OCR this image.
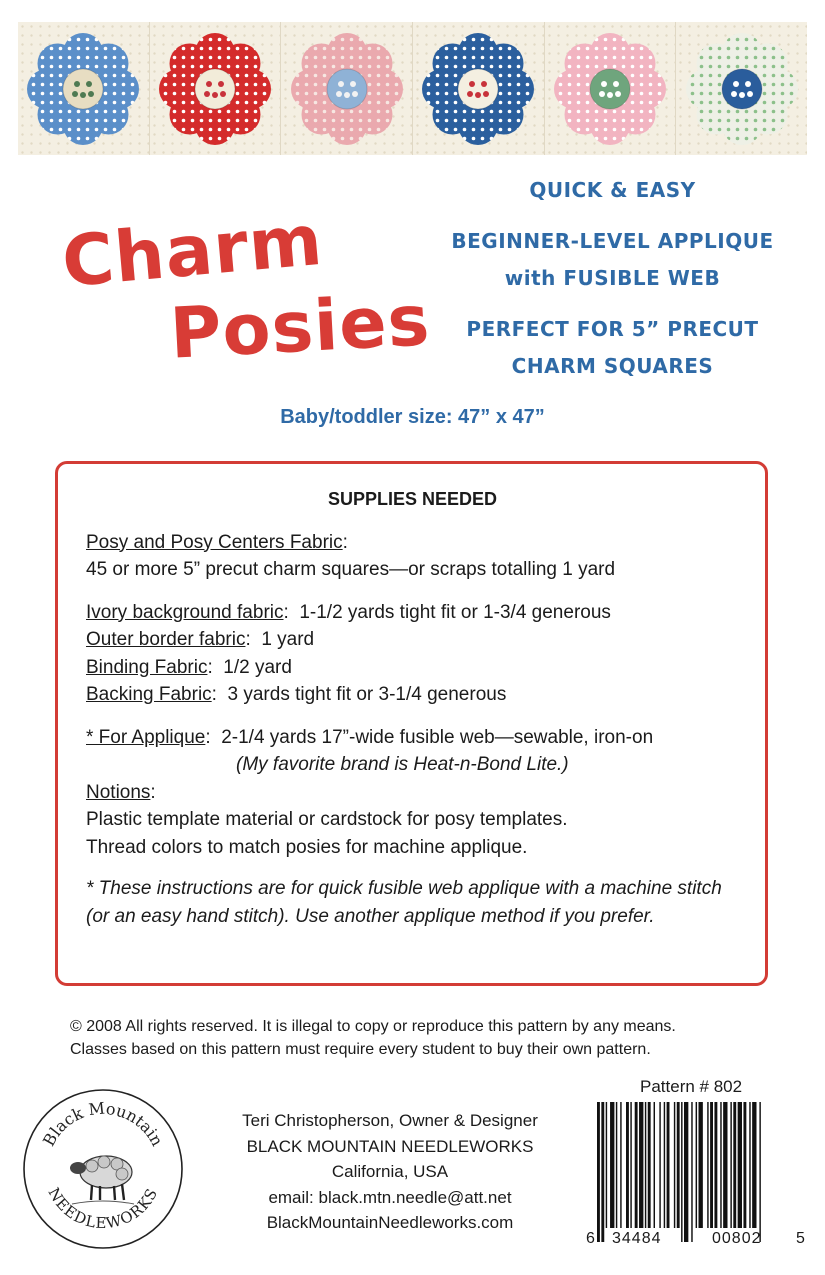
Charm
Posies
QUICK & EASY
BEGINNER-LEVEL APPLIQUE
with FUSIBLE WEB
PERFECT FOR 5” PRECUT
CHARM SQUARES
Baby/toddler size: 47” x 47”
SUPPLIES NEEDED
Posy and Posy Centers Fabric:
45 or more 5” precut charm squares—or scraps totalling 1 yard
Ivory background fabric:  1-1/2 yards tight fit or 1-3/4 generous
Outer border fabric:  1 yard
Binding Fabric:  1/2 yard
Backing Fabric:  3 yards tight fit or 3-1/4 generous
* For Applique:  2-1/4 yards 17”-wide fusible web—sewable, iron-on
(My favorite brand is Heat-n-Bond Lite.)
Notions:
Plastic template material or cardstock for posy templates.
Thread colors to match posies for machine applique.
* These instructions are for quick fusible web applique with a machine stitch (or an easy hand stitch). Use another applique method if you prefer.
© 2008 All rights reserved. It is illegal to copy or reproduce this pattern by any means.
Classes based on this pattern must require every student to buy their own pattern.
Black Mountain
NEEDLEWORKS
Teri Christopherson, Owner & Designer
BLACK MOUNTAIN NEEDLEWORKS
California, USA
email: black.mtn.needle@att.net
BlackMountainNeedleworks.com
Pattern # 802
6 34484	00802 5
